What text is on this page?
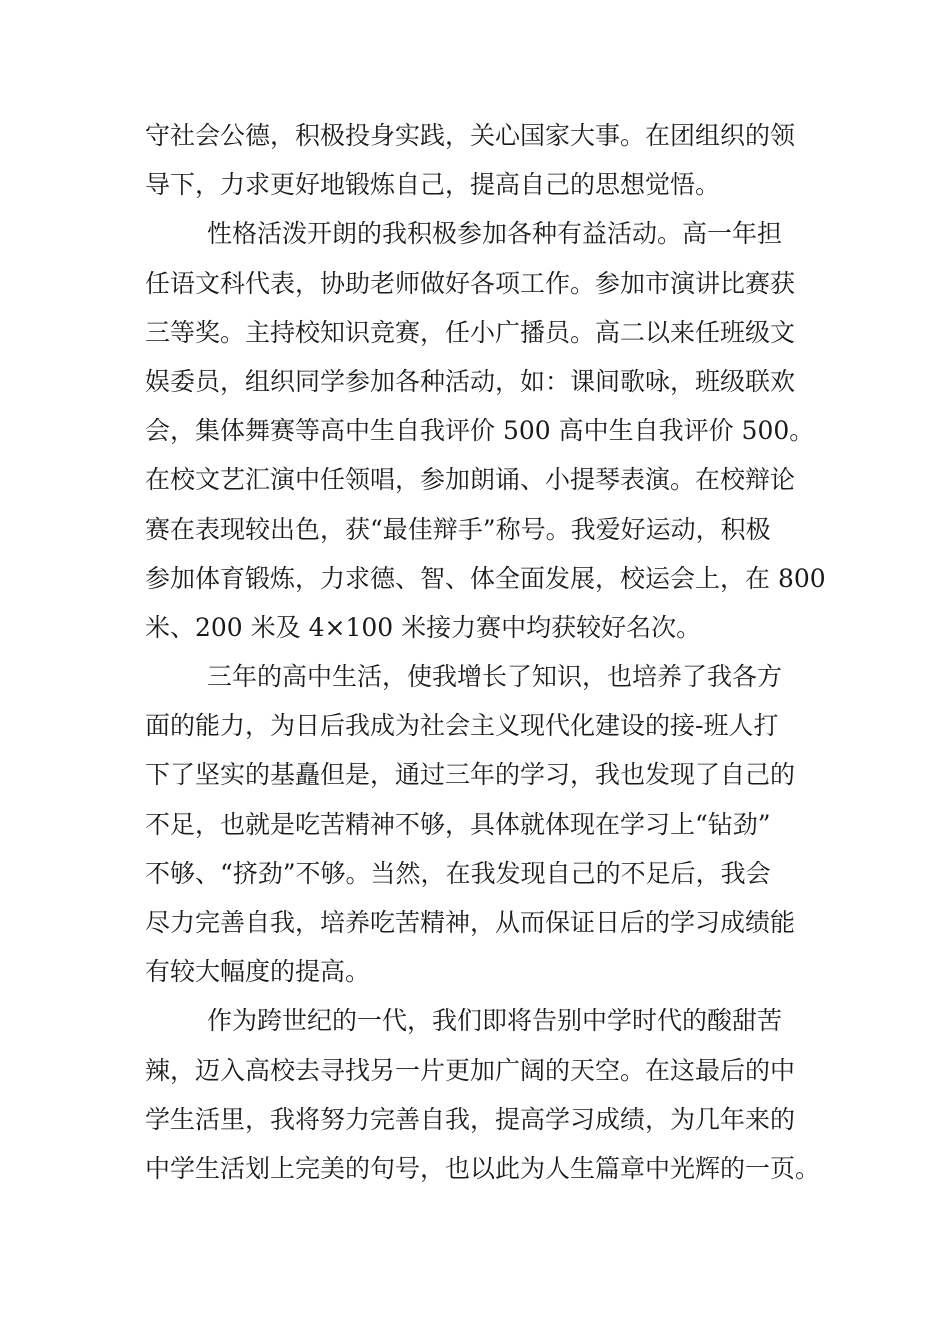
守社会公德，积极投身实践，关心国家大事。在团组织的领
导下，力求更好地锻炼自己，提高自己的思想觉悟。
性格活泼开朗的我积极参加各种有益活动。高一年担
任语文科代表，协助老师做好各项工作。参加市演讲比赛获
三等奖。主持校知识竞赛，任小广播员。高二以来任班级文
娱委员，组织同学参加各种活动，如：课间歌咏，班级联欢
会，集体舞赛等高中生自我评价 500 高中生自我评价 500。
在校文艺汇演中任领唱，参加朗诵、小提琴表演。在校辩论
赛在表现较出色，获“最佳辩手”称号。我爱好运动，积极
参加体育锻炼，力求德、智、体全面发展，校运会上，在 800
米、200 米及 4×100 米接力赛中均获较好名次。
三年的高中生活，使我增长了知识，也培养了我各方
面的能力，为日后我成为社会主义现代化建设的接-班人打
下了坚实的基矗但是，通过三年的学习，我也发现了自己的
不足，也就是吃苦精神不够，具体就体现在学习上“钻劲”
不够、“挤劲”不够。当然，在我发现自己的不足后，我会
尽力完善自我，培养吃苦精神，从而保证日后的学习成绩能
有较大幅度的提高。
作为跨世纪的一代，我们即将告别中学时代的酸甜苦
辣，迈入高校去寻找另一片更加广阔的天空。在这最后的中
学生活里，我将努力完善自我，提高学习成绩，为几年来的
中学生活划上完美的句号，也以此为人生篇章中光辉的一页。
